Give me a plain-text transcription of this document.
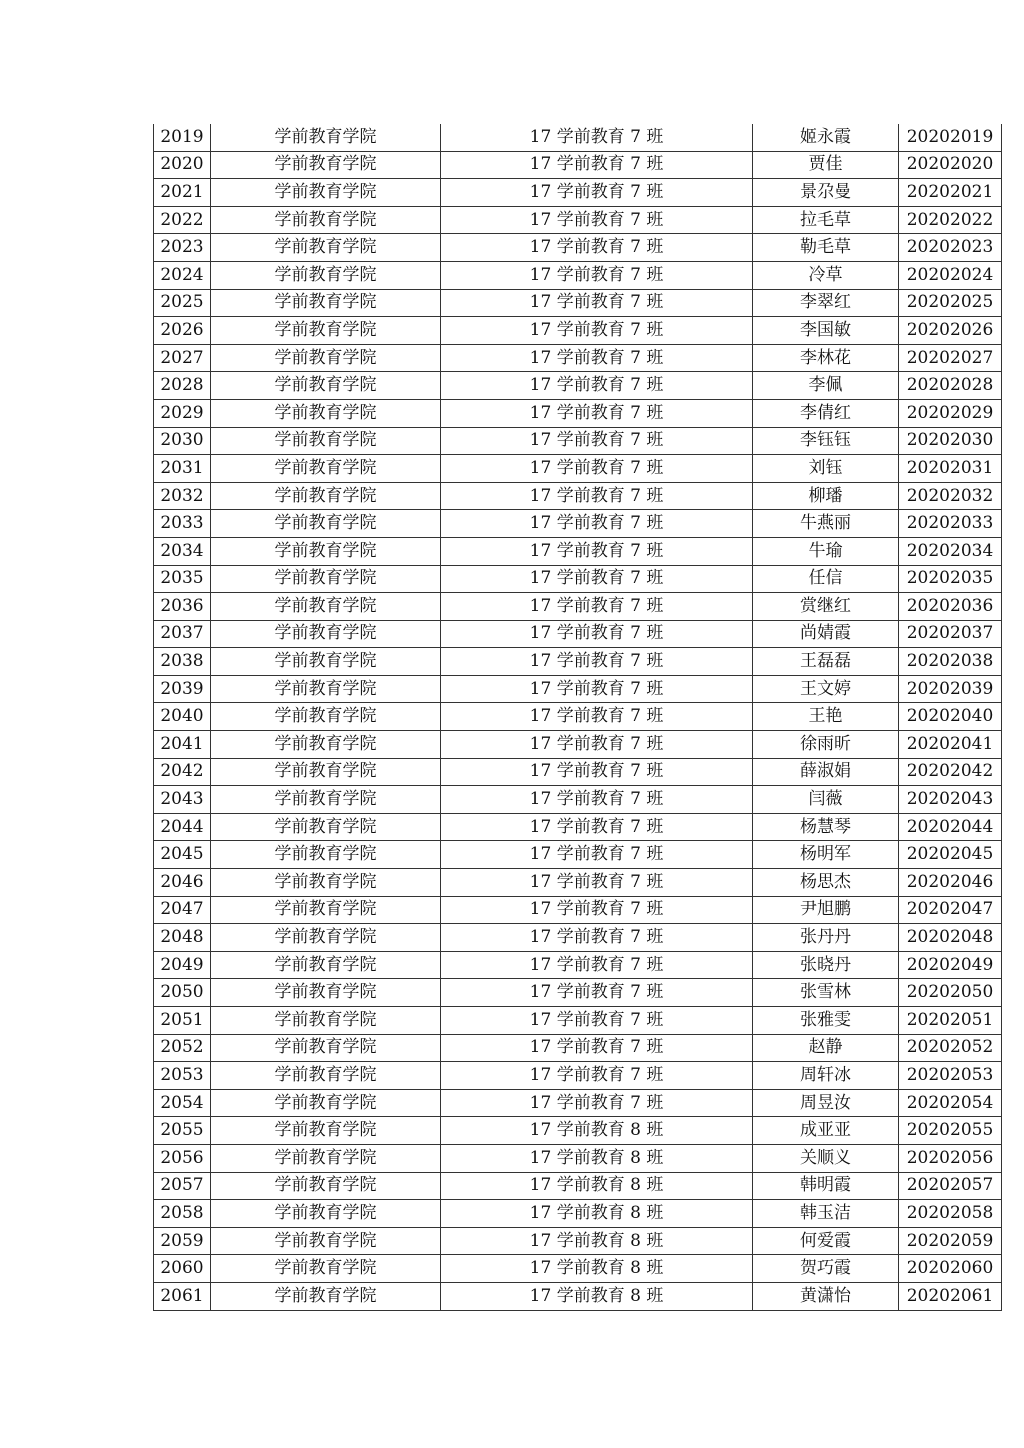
2019	学前教育学院	17 学前教育 7 班	姬永霞	20202019
2020	学前教育学院	17 学前教育 7 班	贾佳	20202020
2021	学前教育学院	17 学前教育 7 班	景尕曼	20202021
2022	学前教育学院	17 学前教育 7 班	拉毛草	20202022
2023	学前教育学院	17 学前教育 7 班	勒毛草	20202023
2024	学前教育学院	17 学前教育 7 班	冷草	20202024
2025	学前教育学院	17 学前教育 7 班	李翠红	20202025
2026	学前教育学院	17 学前教育 7 班	李国敏	20202026
2027	学前教育学院	17 学前教育 7 班	李林花	20202027
2028	学前教育学院	17 学前教育 7 班	李佩	20202028
2029	学前教育学院	17 学前教育 7 班	李倩红	20202029
2030	学前教育学院	17 学前教育 7 班	李钰钰	20202030
2031	学前教育学院	17 学前教育 7 班	刘钰	20202031
2032	学前教育学院	17 学前教育 7 班	柳璠	20202032
2033	学前教育学院	17 学前教育 7 班	牛燕丽	20202033
2034	学前教育学院	17 学前教育 7 班	牛瑜	20202034
2035	学前教育学院	17 学前教育 7 班	任信	20202035
2036	学前教育学院	17 学前教育 7 班	赏继红	20202036
2037	学前教育学院	17 学前教育 7 班	尚婧霞	20202037
2038	学前教育学院	17 学前教育 7 班	王磊磊	20202038
2039	学前教育学院	17 学前教育 7 班	王文婷	20202039
2040	学前教育学院	17 学前教育 7 班	王艳	20202040
2041	学前教育学院	17 学前教育 7 班	徐雨昕	20202041
2042	学前教育学院	17 学前教育 7 班	薛淑娟	20202042
2043	学前教育学院	17 学前教育 7 班	闫薇	20202043
2044	学前教育学院	17 学前教育 7 班	杨慧琴	20202044
2045	学前教育学院	17 学前教育 7 班	杨明军	20202045
2046	学前教育学院	17 学前教育 7 班	杨思杰	20202046
2047	学前教育学院	17 学前教育 7 班	尹旭鹏	20202047
2048	学前教育学院	17 学前教育 7 班	张丹丹	20202048
2049	学前教育学院	17 学前教育 7 班	张晓丹	20202049
2050	学前教育学院	17 学前教育 7 班	张雪林	20202050
2051	学前教育学院	17 学前教育 7 班	张雅雯	20202051
2052	学前教育学院	17 学前教育 7 班	赵静	20202052
2053	学前教育学院	17 学前教育 7 班	周轩冰	20202053
2054	学前教育学院	17 学前教育 7 班	周昱汝	20202054
2055	学前教育学院	17 学前教育 8 班	成亚亚	20202055
2056	学前教育学院	17 学前教育 8 班	关顺义	20202056
2057	学前教育学院	17 学前教育 8 班	韩明霞	20202057
2058	学前教育学院	17 学前教育 8 班	韩玉洁	20202058
2059	学前教育学院	17 学前教育 8 班	何爱霞	20202059
2060	学前教育学院	17 学前教育 8 班	贺巧霞	20202060
2061	学前教育学院	17 学前教育 8 班	黄潇怡	20202061
